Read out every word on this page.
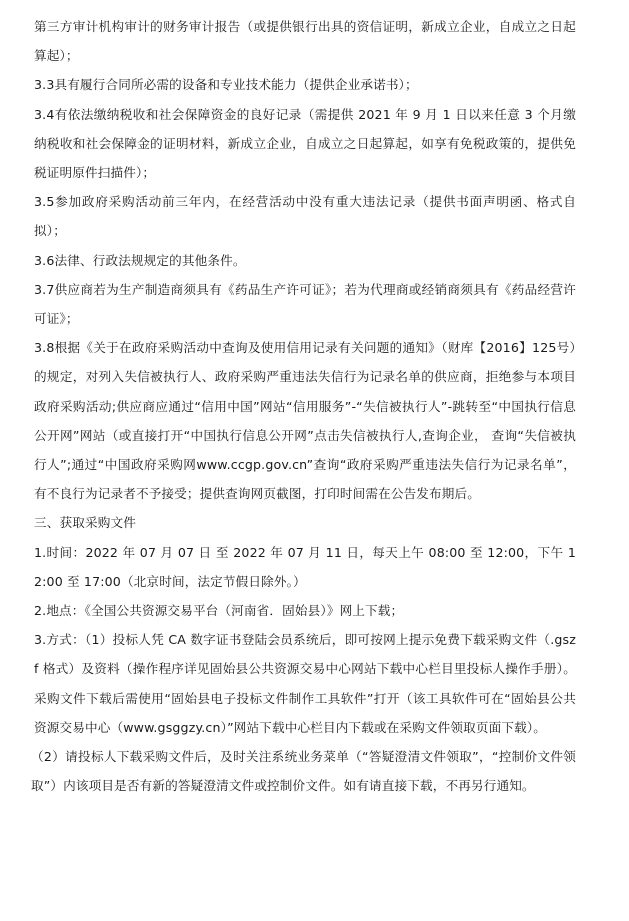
第三方审计机构审计的财务审计报告（或提供银行出具的资信证明，新成立企业，自成立之日起算起）；

3.3具有履行合同所必需的设备和专业技术能力（提供企业承诺书）；

3.4有依法缴纳税收和社会保障资金的良好记录（需提供 2021 年 9 月 1 日以来任意 3 个月缴纳税收和社会保障金的证明材料，新成立企业，自成立之日起算起，如享有免税政策的，提供免税证明原件扫描件）；

3.5参加政府采购活动前三年内，在经营活动中没有重大违法记录（提供书面声明函、格式自拟）；

3.6法律、行政法规规定的其他条件。

3.7供应商若为生产制造商须具有《药品生产许可证》；若为代理商或经销商须具有《药品经营许可证》；

3.8根据《关于在政府采购活动中查询及使用信用记录有关问题的通知》（财库【2016】125号）的规定，对列入失信被执行人、政府采购严重违法失信行为记录名单的供应商，拒绝参与本项目政府采购活动;供应商应通过“信用中国”网站“信用服务”-“失信被执行人”-跳转至“中国执行信息公开网”网站（或直接打开“中国执行信息公开网”点击失信被执行人,查询企业， 查询“失信被执行人”;通过“中国政府采购网www.ccgp.gov.cn”查询“政府采购严重违法失信行为记录名单”，有不良行为记录者不予接受；提供查询网页截图，打印时间需在公告发布期后。

三、获取采购文件

1.时间：2022 年 07 月 07 日 至 2022 年 07 月 11 日，每天上午 08:00 至 12:00，下午 12:00 至 17:00（北京时间，法定节假日除外。）

2.地点：《全国公共资源交易平台（河南省．固始县）》网上下载；

3.方式：（1）投标人凭 CA 数字证书登陆会员系统后，即可按网上提示免费下载采购文件（.gszf 格式）及资料（操作程序详见固始县公共资源交易中心网站下载中心栏目里投标人操作手册）。采购文件下载后需使用“固始县电子投标文件制作工具软件”打开（该工具软件可在“固始县公共资源交易中心（www.gsggzy.cn）”网站下载中心栏目内下载或在采购文件领取页面下载）。

（2）请投标人下载采购文件后，及时关注系统业务菜单（“答疑澄清文件领取”，“控制价文件领取”）内该项目是否有新的答疑澄清文件或控制价文件。如有请直接下载，不再另行通知。
